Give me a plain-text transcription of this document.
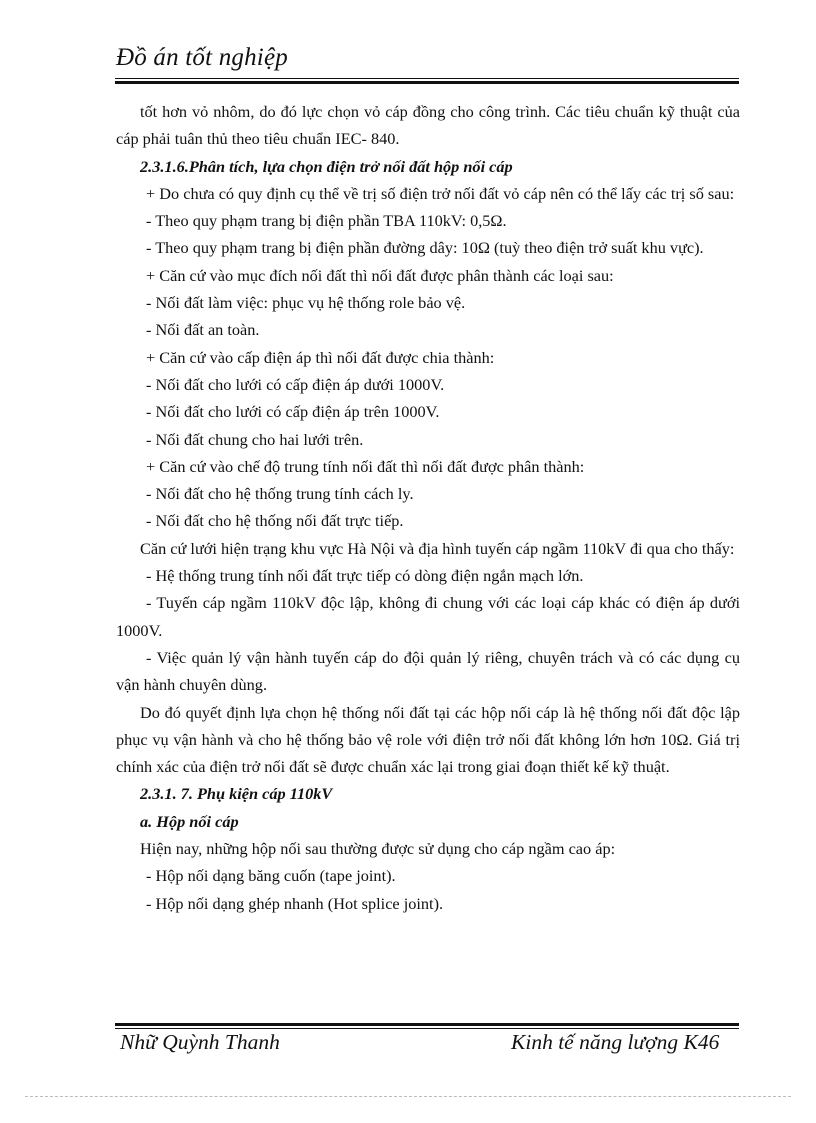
Đồ án tốt nghiệp

tốt hơn vỏ nhôm, do đó lực chọn vỏ cáp đồng cho công trình. Các tiêu chuẩn kỹ thuật của cáp phải tuân thủ theo tiêu chuẩn IEC- 840.

2.3.1.6.Phân tích, lựa chọn điện trở nối đất hộp nối cáp

+ Do chưa có quy định cụ thể về trị số điện trở nối đất vỏ cáp nên có thể lấy các trị số sau:

- Theo quy phạm trang bị điện phần TBA 110kV: 0,5Ω.

- Theo quy phạm trang bị điện phần đường dây: 10Ω (tuỳ theo điện trở suất khu vực).

+ Căn cứ vào mục đích nối đất thì nối đất được phân thành các loại sau:

- Nối đất làm việc: phục vụ hệ thống role bảo vệ.

- Nối đất an toàn.

+ Căn cứ vào cấp điện áp thì nối đất được chia thành:

- Nối đất cho lưới có cấp điện áp dưới 1000V.

- Nối đất cho lưới có cấp điện áp trên 1000V.

- Nối đất chung cho hai lưới trên.

+ Căn cứ vào chế độ trung tính nối đất thì nối đất được phân thành:

- Nối đất cho hệ thống trung tính cách ly.

- Nối đất cho hệ thống nối đất trực tiếp.

Căn cứ lưới hiện trạng khu vực Hà Nội và địa hình tuyến cáp ngầm 110kV đi qua cho thấy:

- Hệ thống trung tính nối đất trực tiếp có dòng điện ngắn mạch lớn.

- Tuyến cáp ngầm 110kV độc lập, không đi chung với các loại cáp khác có điện áp dưới 1000V.

- Việc quản lý vận hành tuyến cáp do đội quản lý riêng, chuyên trách và có các dụng cụ vận hành chuyên dùng.

Do đó quyết định lựa chọn hệ thống nối đất tại các hộp nối cáp là hệ thống nối đất độc lập phục vụ vận hành và cho hệ thống bảo vệ role với điện trở nối đất không lớn hơn 10Ω. Giá trị chính xác của điện trở nối đất sẽ được chuẩn xác lại trong giai đoạn thiết kế kỹ thuật.

2.3.1. 7. Phụ kiện cáp 110kV

a. Hộp nối cáp

Hiện nay, những hộp nối sau thường được sử dụng cho cáp ngầm cao áp:

- Hộp nối dạng băng cuốn (tape joint).

- Hộp nối dạng ghép nhanh (Hot splice joint).

Nhữ Quỳnh Thanh	Kinh tế năng lượng K46
